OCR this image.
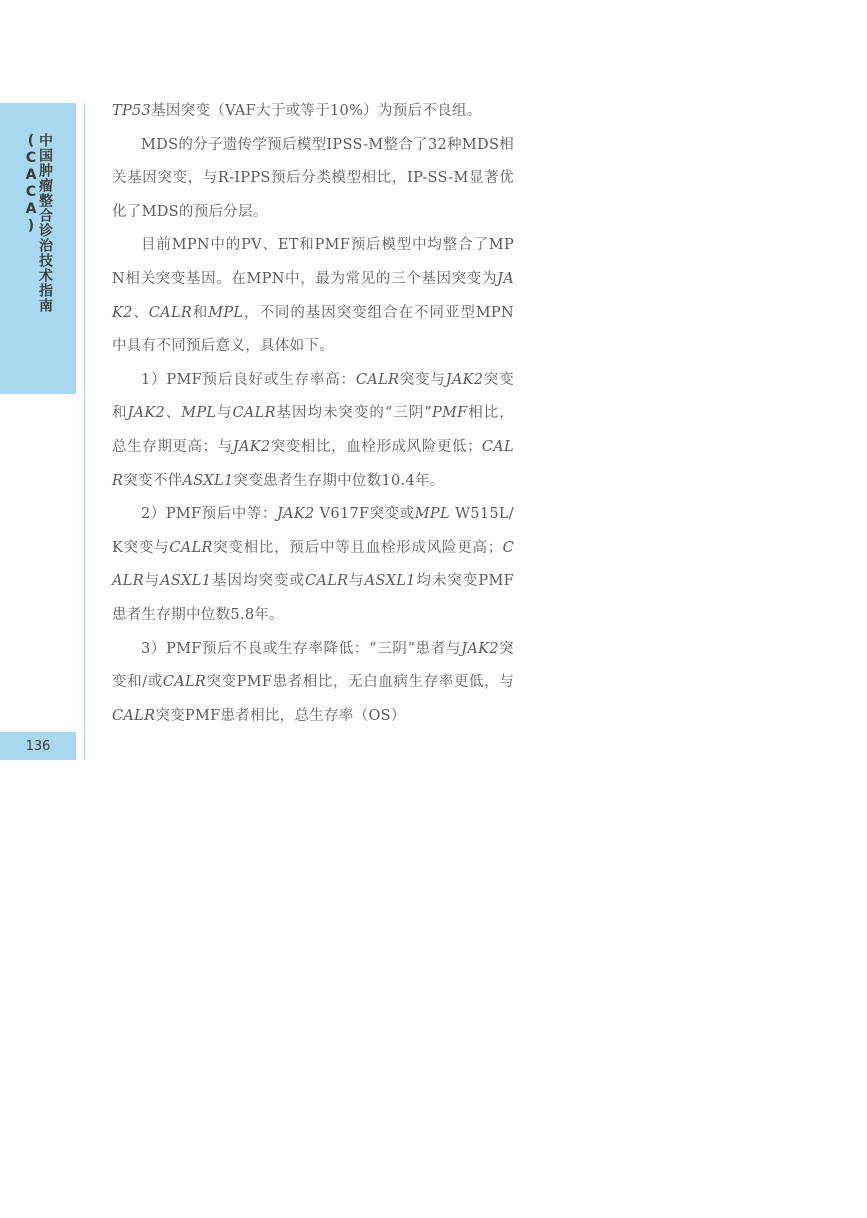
中国肿瘤整合诊治技术指南(CACA)
136

TP53基因突变（VAF大于或等于10%）为预后不良组。

MDS的分子遗传学预后模型IPSS-M整合了32种MDS相关基因突变，与R-IPPS预后分类模型相比，IP-SS-M显著优化了MDS的预后分层。

目前MPN中的PV、ET和PMF预后模型中均整合了MPN相关突变基因。在MPN中，最为常见的三个基因突变为JAK2、CALR和MPL，不同的基因突变组合在不同亚型MPN中具有不同预后意义，具体如下。

1）PMF预后良好或生存率高：CALR突变与JAK2突变和JAK2、MPL与CALR基因均未突变的“三阴”PMF相比，总生存期更高；与JAK2突变相比，血栓形成风险更低；CALR突变不伴ASXL1突变患者生存期中位数10.4年。

2）PMF预后中等：JAK2 V617F突变或MPL W515L/K突变与CALR突变相比，预后中等且血栓形成风险更高；CALR与ASXL1基因均突变或CALR与ASXL1均未突变PMF患者生存期中位数5.8年。

3）PMF预后不良或生存率降低：“三阴”患者与JAK2突变和/或CALR突变PMF患者相比，无白血病生存率更低，与CALR突变PMF患者相比，总生存率（OS）
